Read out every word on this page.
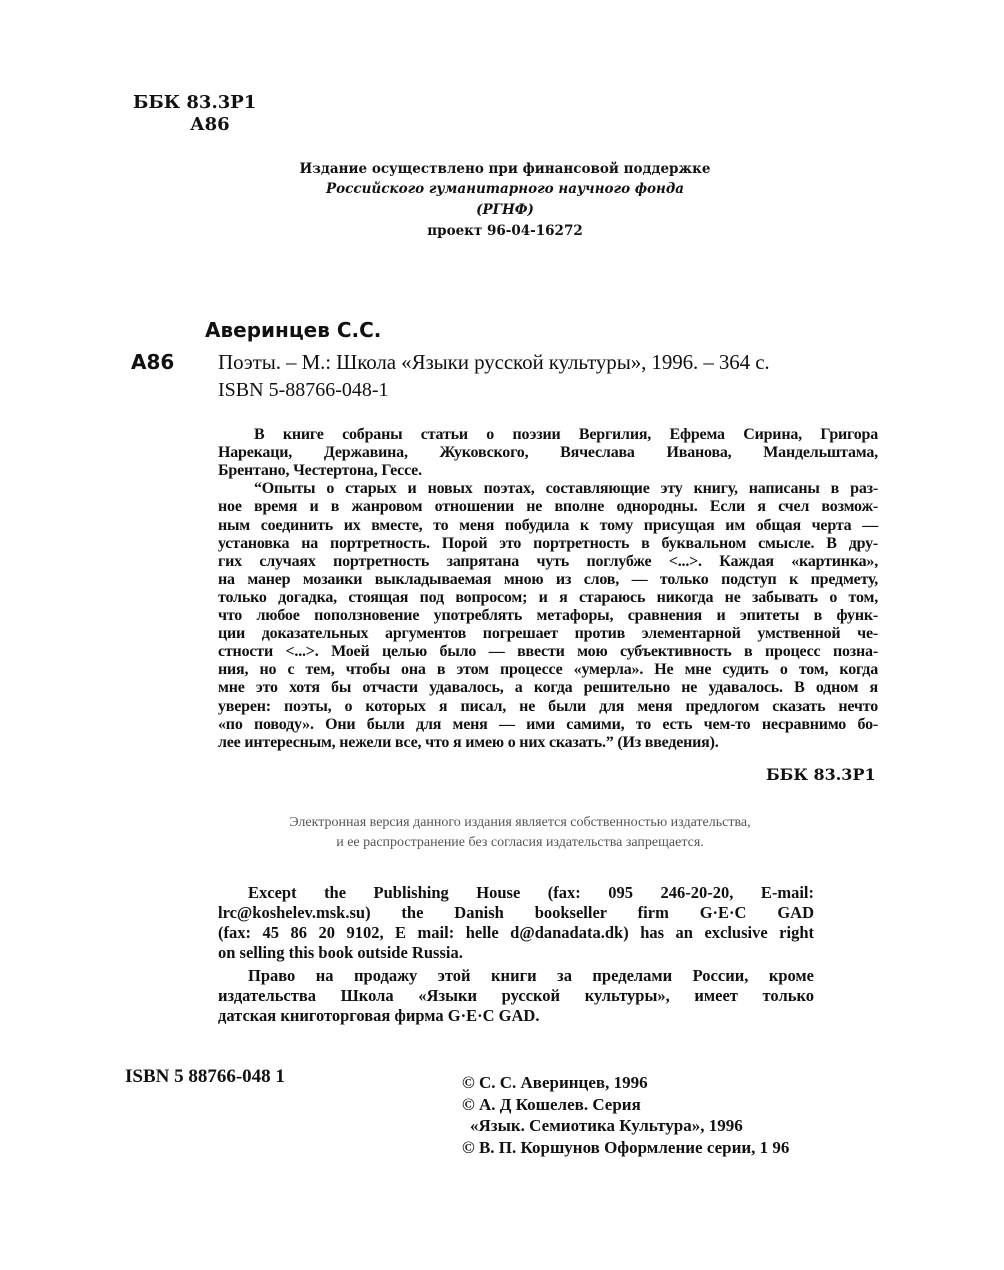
ББК 83.3Р1
А86
Издание осуществлено при финансовой поддержке
Российского гуманитарного научного фонда
(РГНФ)
проект 96-04-16272
Аверинцев С.С.
А86 Поэты. – М.: Школа «Языки русской культуры», 1996. – 364 с.
ISBN 5-88766-048-1
В книге собраны статьи о поэзии Вергилия, Ефрема Сирина, Григора
Нарекаци, Державина, Жуковского, Вячеслава Иванова, Мандельштама,
Брентано, Честертона, Гессе.
“Опыты о старых и новых поэтах, составляющие эту книгу, написаны в раз-
ное время и в жанровом отношении не вполне однородны. Если я счел возмож-
ным соединить их вместе, то меня побудила к тому присущая им общая черта —
установка на портретность. Порой это портретность в буквальном смысле. В дру-
гих случаях портретность запрятана чуть поглубже <...>. Каждая «картинка»,
на манер мозаики выкладываемая мною из слов, — только подступ к предмету,
только догадка, стоящая под вопросом; и я стараюсь никогда не забывать о том,
что любое поползновение употреблять метафоры, сравнения и эпитеты в функ-
ции доказательных аргументов погрешает против элементарной умственной че-
стности <...>. Моей целью было — ввести мою субъективность в процесс позна-
ния, но с тем, чтобы она в этом процессе «умерла». Не мне судить о том, когда
мне это хотя бы отчасти удавалось, а когда решительно не удавалось. В одном я
уверен: поэты, о которых я писал, не были для меня предлогом сказать нечто
«по поводу». Они были для меня — ими самими, то есть чем-то несравнимо бо-
лее интересным, нежели все, что я имею о них сказать.” (Из введения).
ББК 83.3Р1
Электронная версия данного издания является собственностью издательства,
и ее распространение без согласия издательства запрещается.
Except the Publishing House (fax: 095 246-20-20, E-mail:
lrc@koshelev.msk.su) the Danish bookseller firm G·E·C GAD
(fax: 45 86 20 9102, E mail: helle d@danadata.dk) has an exclusive right
on selling this book outside Russia.
Право на продажу этой книги за пределами России, кроме
издательства Школа «Языки русской культуры», имеет только
датская книготорговая фирма G·E·C GAD.
ISBN 5 88766-048 1	© С. С. Аверинцев, 1996
© А. Д Кошелев. Серия
«Язык. Семиотика Культура», 1996
© В. П. Коршунов Оформление серии, 1 96
